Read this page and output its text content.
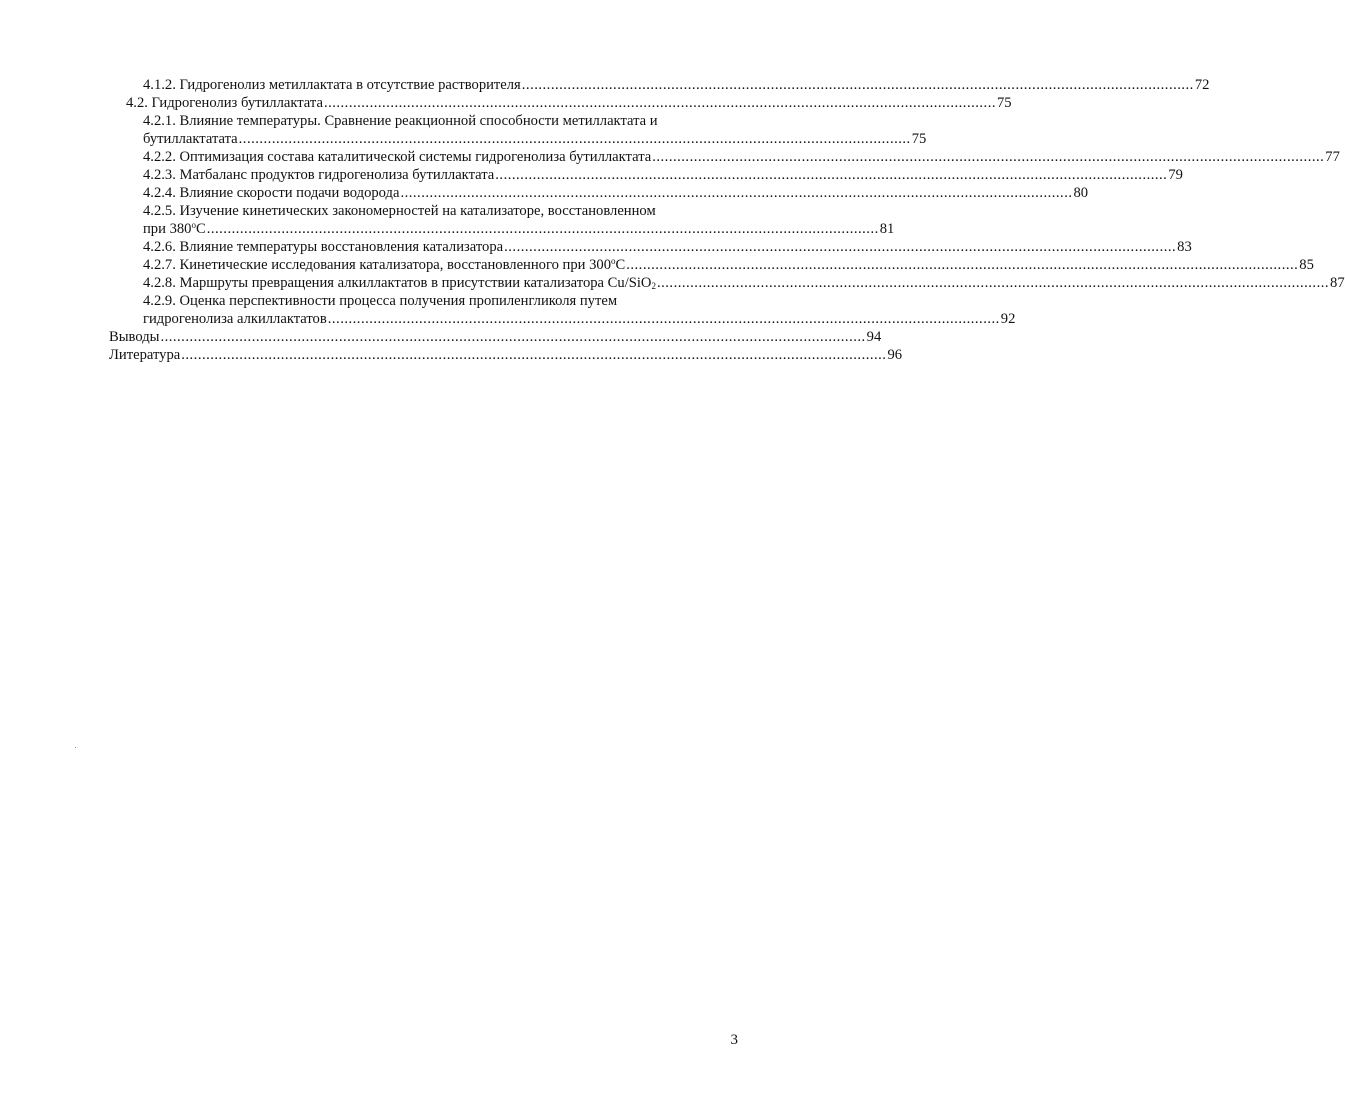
4.1.2. Гидрогенолиз метиллактата в отсутствие растворителя .................................................................................................................................................................. 72
4.2. Гидрогенолиз бутиллактата .................................................................................................................................................................. 75
4.2.1. Влияние температуры. Сравнение реакционной способности метиллактата и
бутиллактатата .................................................................................................................................................................. 75
4.2.2. Оптимизация состава каталитической системы гидрогенолиза бутиллактата .................................................................................................................................................................. 77
4.2.3. Матбаланс продуктов гидрогенолиза бутиллактата .................................................................................................................................................................. 79
4.2.4. Влияние скорости подачи водорода .................................................................................................................................................................. 80
4.2.5. Изучение кинетических закономерностей на катализаторе, восстановленном
при 380$^o$С .................................................................................................................................................................. 81
4.2.6. Влияние температуры восстановления катализатора .................................................................................................................................................................. 83
4.2.7. Кинетические исследования катализатора, восстановленного при 300$^o$С .................................................................................................................................................................. 85
4.2.8. Маршруты превращения алкиллактатов в присутствии катализатора Cu/SiO$_2$ .................................................................................................................................................................. 87
4.2.9. Оценка перспективности процесса получения пропиленгликоля путем
гидрогенолиза алкиллактатов .................................................................................................................................................................. 92
Выводы .......................................................................................................................................................................... 94
Литература .......................................................................................................................................................................... 96
3
